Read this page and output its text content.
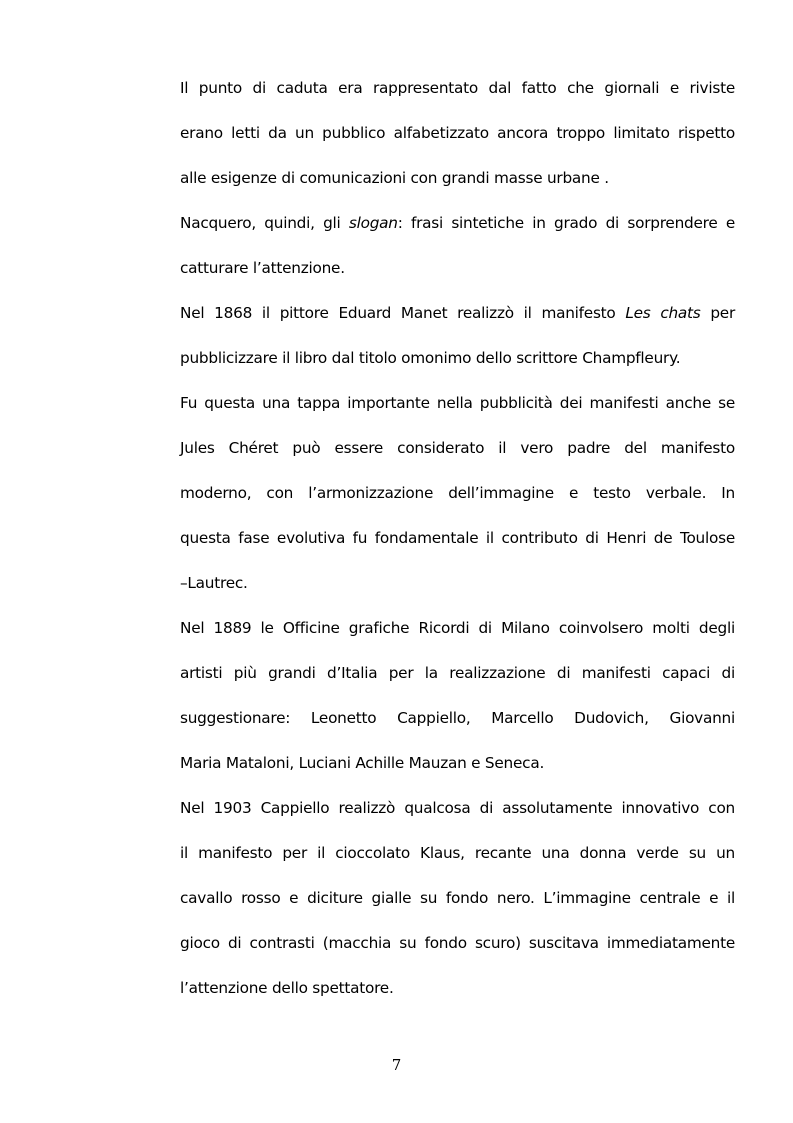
Il punto di caduta era rappresentato dal fatto che giornali e riviste
erano letti da un pubblico alfabetizzato ancora troppo limitato rispetto
alle esigenze di comunicazioni con grandi masse urbane .
Nacquero, quindi, gli slogan: frasi sintetiche in grado di sorprendere e
catturare l’attenzione.
Nel 1868 il pittore Eduard Manet realizzò il manifesto Les chats per
pubblicizzare il libro dal titolo omonimo dello scrittore Champfleury.
Fu questa una tappa importante nella pubblicità dei manifesti anche se
Jules Chéret può essere considerato il vero padre del manifesto
moderno, con l’armonizzazione dell’immagine e testo verbale. In
questa fase evolutiva fu fondamentale il contributo di Henri de Toulose
–Lautrec.
Nel 1889 le Officine grafiche Ricordi di Milano coinvolsero molti degli
artisti più grandi d’Italia per la realizzazione di manifesti capaci di
suggestionare: Leonetto Cappiello, Marcello Dudovich, Giovanni
Maria Mataloni, Luciani Achille Mauzan e Seneca.
Nel 1903 Cappiello realizzò qualcosa di assolutamente innovativo con
il manifesto per il cioccolato Klaus, recante una donna verde su un
cavallo rosso e diciture gialle su fondo nero. L’immagine centrale e il
gioco di contrasti (macchia su fondo scuro) suscitava immediatamente
l’attenzione dello spettatore.
7
